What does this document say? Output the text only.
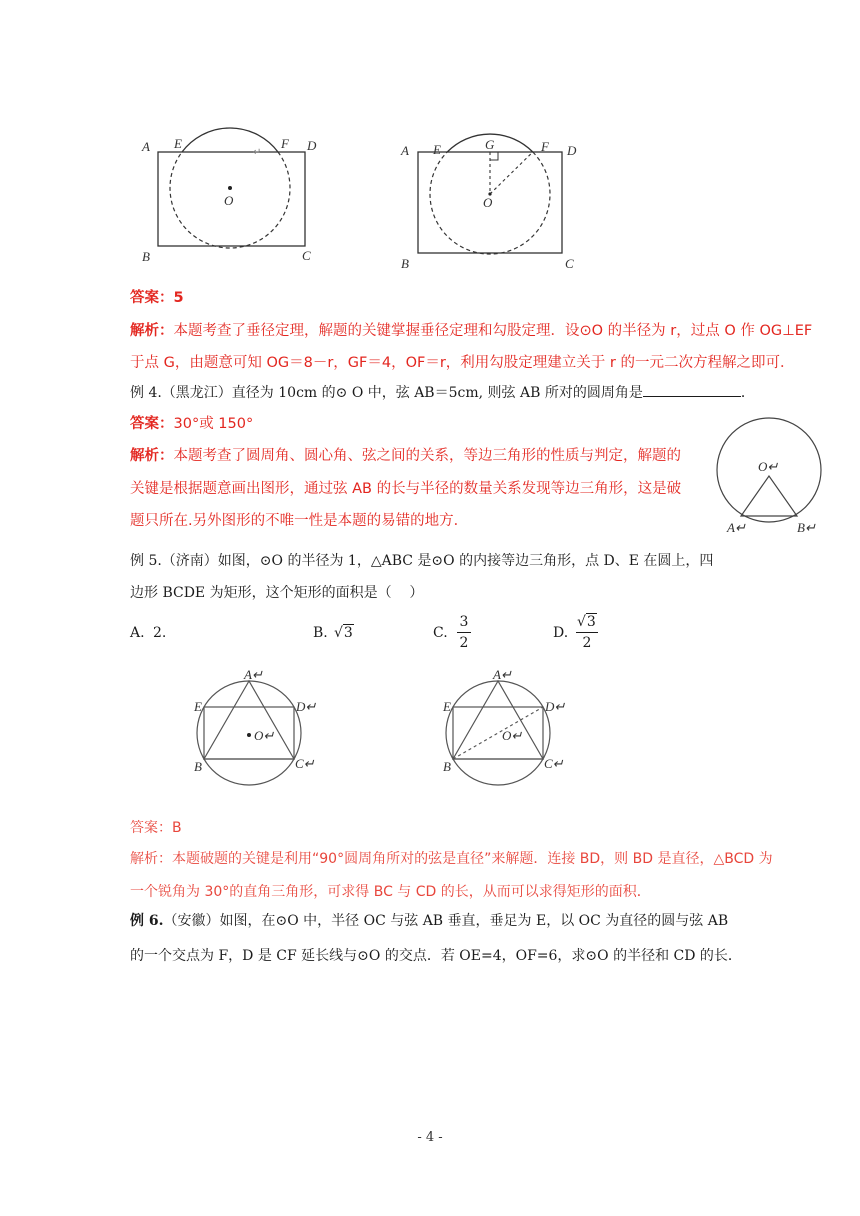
A E
↵
F D
B	C
O
A E	G	F D
B	C
O
答案：5
解析：本题考查了垂径定理，解题的关键掌握垂径定理和勾股定理．设⊙O 的半径为 r，过点 O 作 OG⊥EF
于点 G，由题意可知 OG＝8－r，GF＝4，OF＝r，利用勾股定理建立关于 r 的一元二次方程解之即可．
例 4.（黑龙江）直径为 10cm 的⊙ O 中，弦 AB＝5cm, 则弦 AB 所对的圆周角是	．
答案：30°或 150°
解析：本题考查了圆周角、圆心角、弦之间的关系，等边三角形的性质与判定，解题的
关键是根据题意画出图形，通过弦 AB 的长与半径的数量关系发现等边三角形，这是破
题只所在.另外图形的不唯一性是本题的易错的地方．
O↵
A↵	B↵
例 5.（济南）如图，⊙O 的半径为 1，△ABC 是⊙O 的内接等边三角形，点 D、E 在圆上，四
边形 BCDE 为矩形，这个矩形的面积是（    ）
A. 2.	B. √3	C.
3
2
D.
√3
2
A↵
E	D↵
B	C↵
O↵
A↵
E	D↵
B	C↵
O↵
答案：B
解析：本题破题的关键是利用“90°圆周角所对的弦是直径”来解题．连接 BD，则 BD 是直径，△BCD 为
一个锐角为 30°的直角三角形，可求得 BC 与 CD 的长，从而可以求得矩形的面积．
例 6.（安徽）如图，在⊙O 中，半径 OC 与弦 AB 垂直，垂足为 E，以 OC 为直径的圆与弦 AB
的一个交点为 F，D 是 CF 延长线与⊙O 的交点．若 OE=4，OF=6，求⊙O 的半径和 CD 的长．
- 4 -
